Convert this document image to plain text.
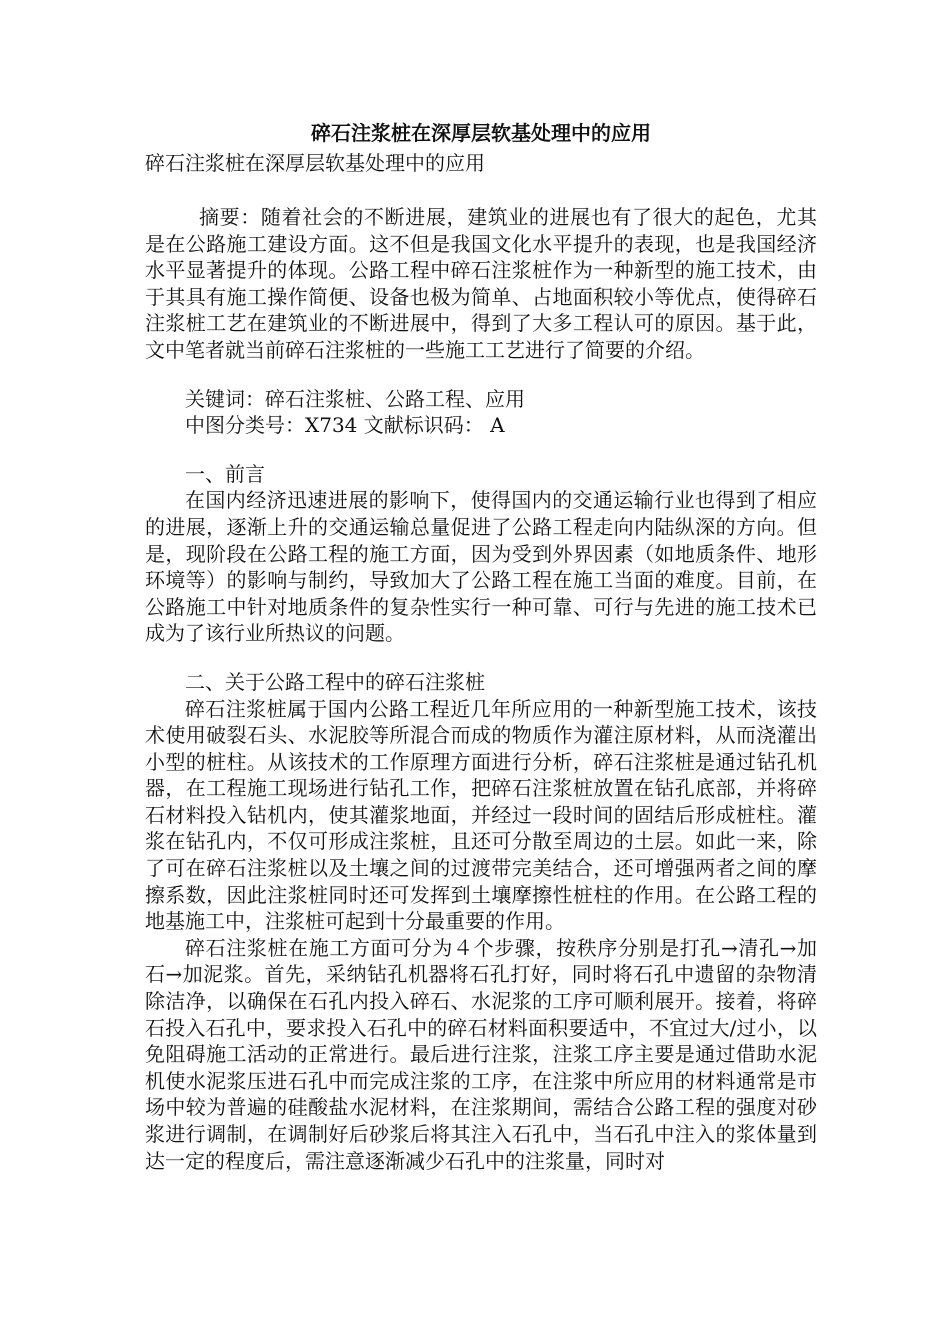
碎石注浆桩在深厚层软基处理中的应用
碎石注浆桩在深厚层软基处理中的应用

摘要：随着社会的不断进展，建筑业的进展也有了很大的起色，尤其是在公路施工建设方面。这不但是我国文化水平提升的表现，也是我国经济水平显著提升的体现。公路工程中碎石注浆桩作为一种新型的施工技术，由于其具有施工操作简便、设备也极为简单、占地面积较小等优点，使得碎石注浆桩工艺在建筑业的不断进展中，得到了大多工程认可的原因。基于此，文中笔者就当前碎石注浆桩的一些施工工艺进行了简要的介绍。

关键词：碎石注浆桩、公路工程、应用

中图分类号：X734 文献标识码： A

一、前言

在国内经济迅速进展的影响下，使得国内的交通运输行业也得到了相应的进展，逐渐上升的交通运输总量促进了公路工程走向内陆纵深的方向。但是，现阶段在公路工程的施工方面，因为受到外界因素（如地质条件、地形环境等）的影响与制约，导致加大了公路工程在施工当面的难度。目前，在公路施工中针对地质条件的复杂性实行一种可靠、可行与先进的施工技术已成为了该行业所热议的问题。

二、关于公路工程中的碎石注浆桩

碎石注浆桩属于国内公路工程近几年所应用的一种新型施工技术，该技术使用破裂石头、水泥胶等所混合而成的物质作为灌注原材料，从而浇灌出小型的桩柱。从该技术的工作原理方面进行分析，碎石注浆桩是通过钻孔机器，在工程施工现场进行钻孔工作，把碎石注浆桩放置在钻孔底部，并将碎石材料投入钻机内，使其灌浆地面，并经过一段时间的固结后形成桩柱。灌浆在钻孔内，不仅可形成注浆桩，且还可分散至周边的土层。如此一来，除了可在碎石注浆桩以及土壤之间的过渡带完美结合，还可增强两者之间的摩擦系数，因此注浆桩同时还可发挥到土壤摩擦性桩柱的作用。在公路工程的地基施工中，注浆桩可起到十分最重要的作用。

碎石注浆桩在施工方面可分为４个步骤，按秩序分别是打孔→清孔→加石→加泥浆。首先，采纳钻孔机器将石孔打好，同时将石孔中遗留的杂物清除洁净，以确保在石孔内投入碎石、水泥浆的工序可顺利展开。接着，将碎石投入石孔中，要求投入石孔中的碎石材料面积要适中，不宜过大/过小，以免阻碍施工活动的正常进行。最后进行注浆，注浆工序主要是通过借助水泥机使水泥浆压进石孔中而完成注浆的工序，在注浆中所应用的材料通常是市场中较为普遍的硅酸盐水泥材料，在注浆期间，需结合公路工程的强度对砂浆进行调制，在调制好后砂浆后将其注入石孔中，当石孔中注入的浆体量到达一定的程度后，需注意逐渐减少石孔中的注浆量，同时对
